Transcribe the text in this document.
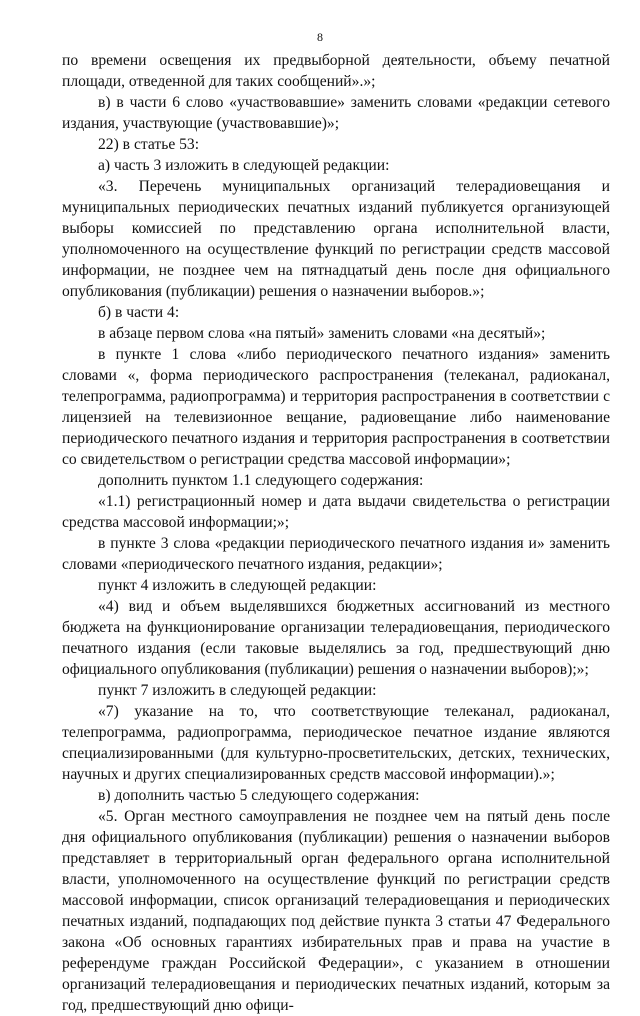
8

по времени освещения их предвыборной деятельности, объему печатной площади, отведенной для таких сообщений».»;

в) в части 6 слово «участвовавшие» заменить словами «редакции сетевого издания, участвующие (участвовавшие)»;

22) в статье 53:

а) часть 3 изложить в следующей редакции:

«3. Перечень муниципальных организаций телерадиовещания и муниципальных периодических печатных изданий публикуется организующей выборы комиссией по представлению органа исполнительной власти, уполномоченного на осуществление функций по регистрации средств массовой информации, не позднее чем на пятнадцатый день после дня официального опубликования (публикации) решения о назначении выборов.»;

б) в части 4:

в абзаце первом слова «на пятый» заменить словами «на десятый»;

в пункте 1 слова «либо периодического печатного издания» заменить словами «, форма периодического распространения (телеканал, радиоканал, телепрограмма, радиопрограмма) и территория распространения в соответствии с лицензией на телевизионное вещание, радиовещание либо наименование периодического печатного издания и территория распространения в соответствии со свидетельством о регистрации средства массовой информации»;

дополнить пунктом 1.1 следующего содержания:

«1.1) регистрационный номер и дата выдачи свидетельства о регистрации средства массовой информации;»;

в пункте 3 слова «редакции периодического печатного издания и» заменить словами «периодического печатного издания, редакции»;

пункт 4 изложить в следующей редакции:

«4) вид и объем выделявшихся бюджетных ассигнований из местного бюджета на функционирование организации телерадиовещания, периодического печатного издания (если таковые выделялись за год, предшествующий дню официального опубликования (публикации) решения о назначении выборов);»;

пункт 7 изложить в следующей редакции:

«7) указание на то, что соответствующие телеканал, радиоканал, телепрограмма, радиопрограмма, периодическое печатное издание являются специализированными (для культурно-просветительских, детских, технических, научных и других специализированных средств массовой информации).»;

в) дополнить частью 5 следующего содержания:

«5. Орган местного самоуправления не позднее чем на пятый день после дня официального опубликования (публикации) решения о назначении выборов представляет в территориальный орган федерального органа исполнительной власти, уполномоченного на осуществление функций по регистрации средств массовой информации, список организаций телерадиовещания и периодических печатных изданий, подпадающих под действие пункта 3 статьи 47 Федерального закона «Об основных гарантиях избирательных прав и права на участие в референдуме граждан Российской Федерации», с указанием в отношении организаций телерадиовещания и периодических печатных изданий, которым за год, предшествующий дню офици-
